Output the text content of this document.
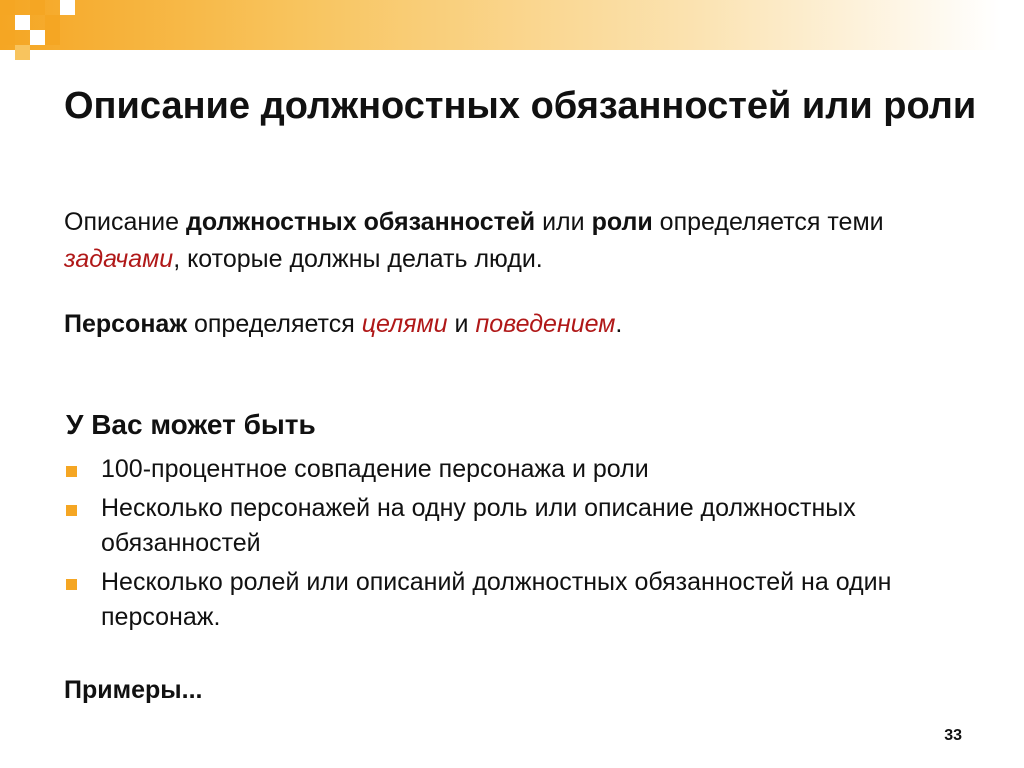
Описание должностных обязанностей или роли

Описание должностных обязанностей или роли определяется теми задачами, которые должны делать люди.

Персонаж определяется целями и поведением.

У Вас может быть
100-процентное совпадение персонажа и роли
Несколько персонажей на одну роль или описание должностных обязанностей
Несколько ролей или описаний должностных обязанностей на один персонаж.

Примеры...

33
